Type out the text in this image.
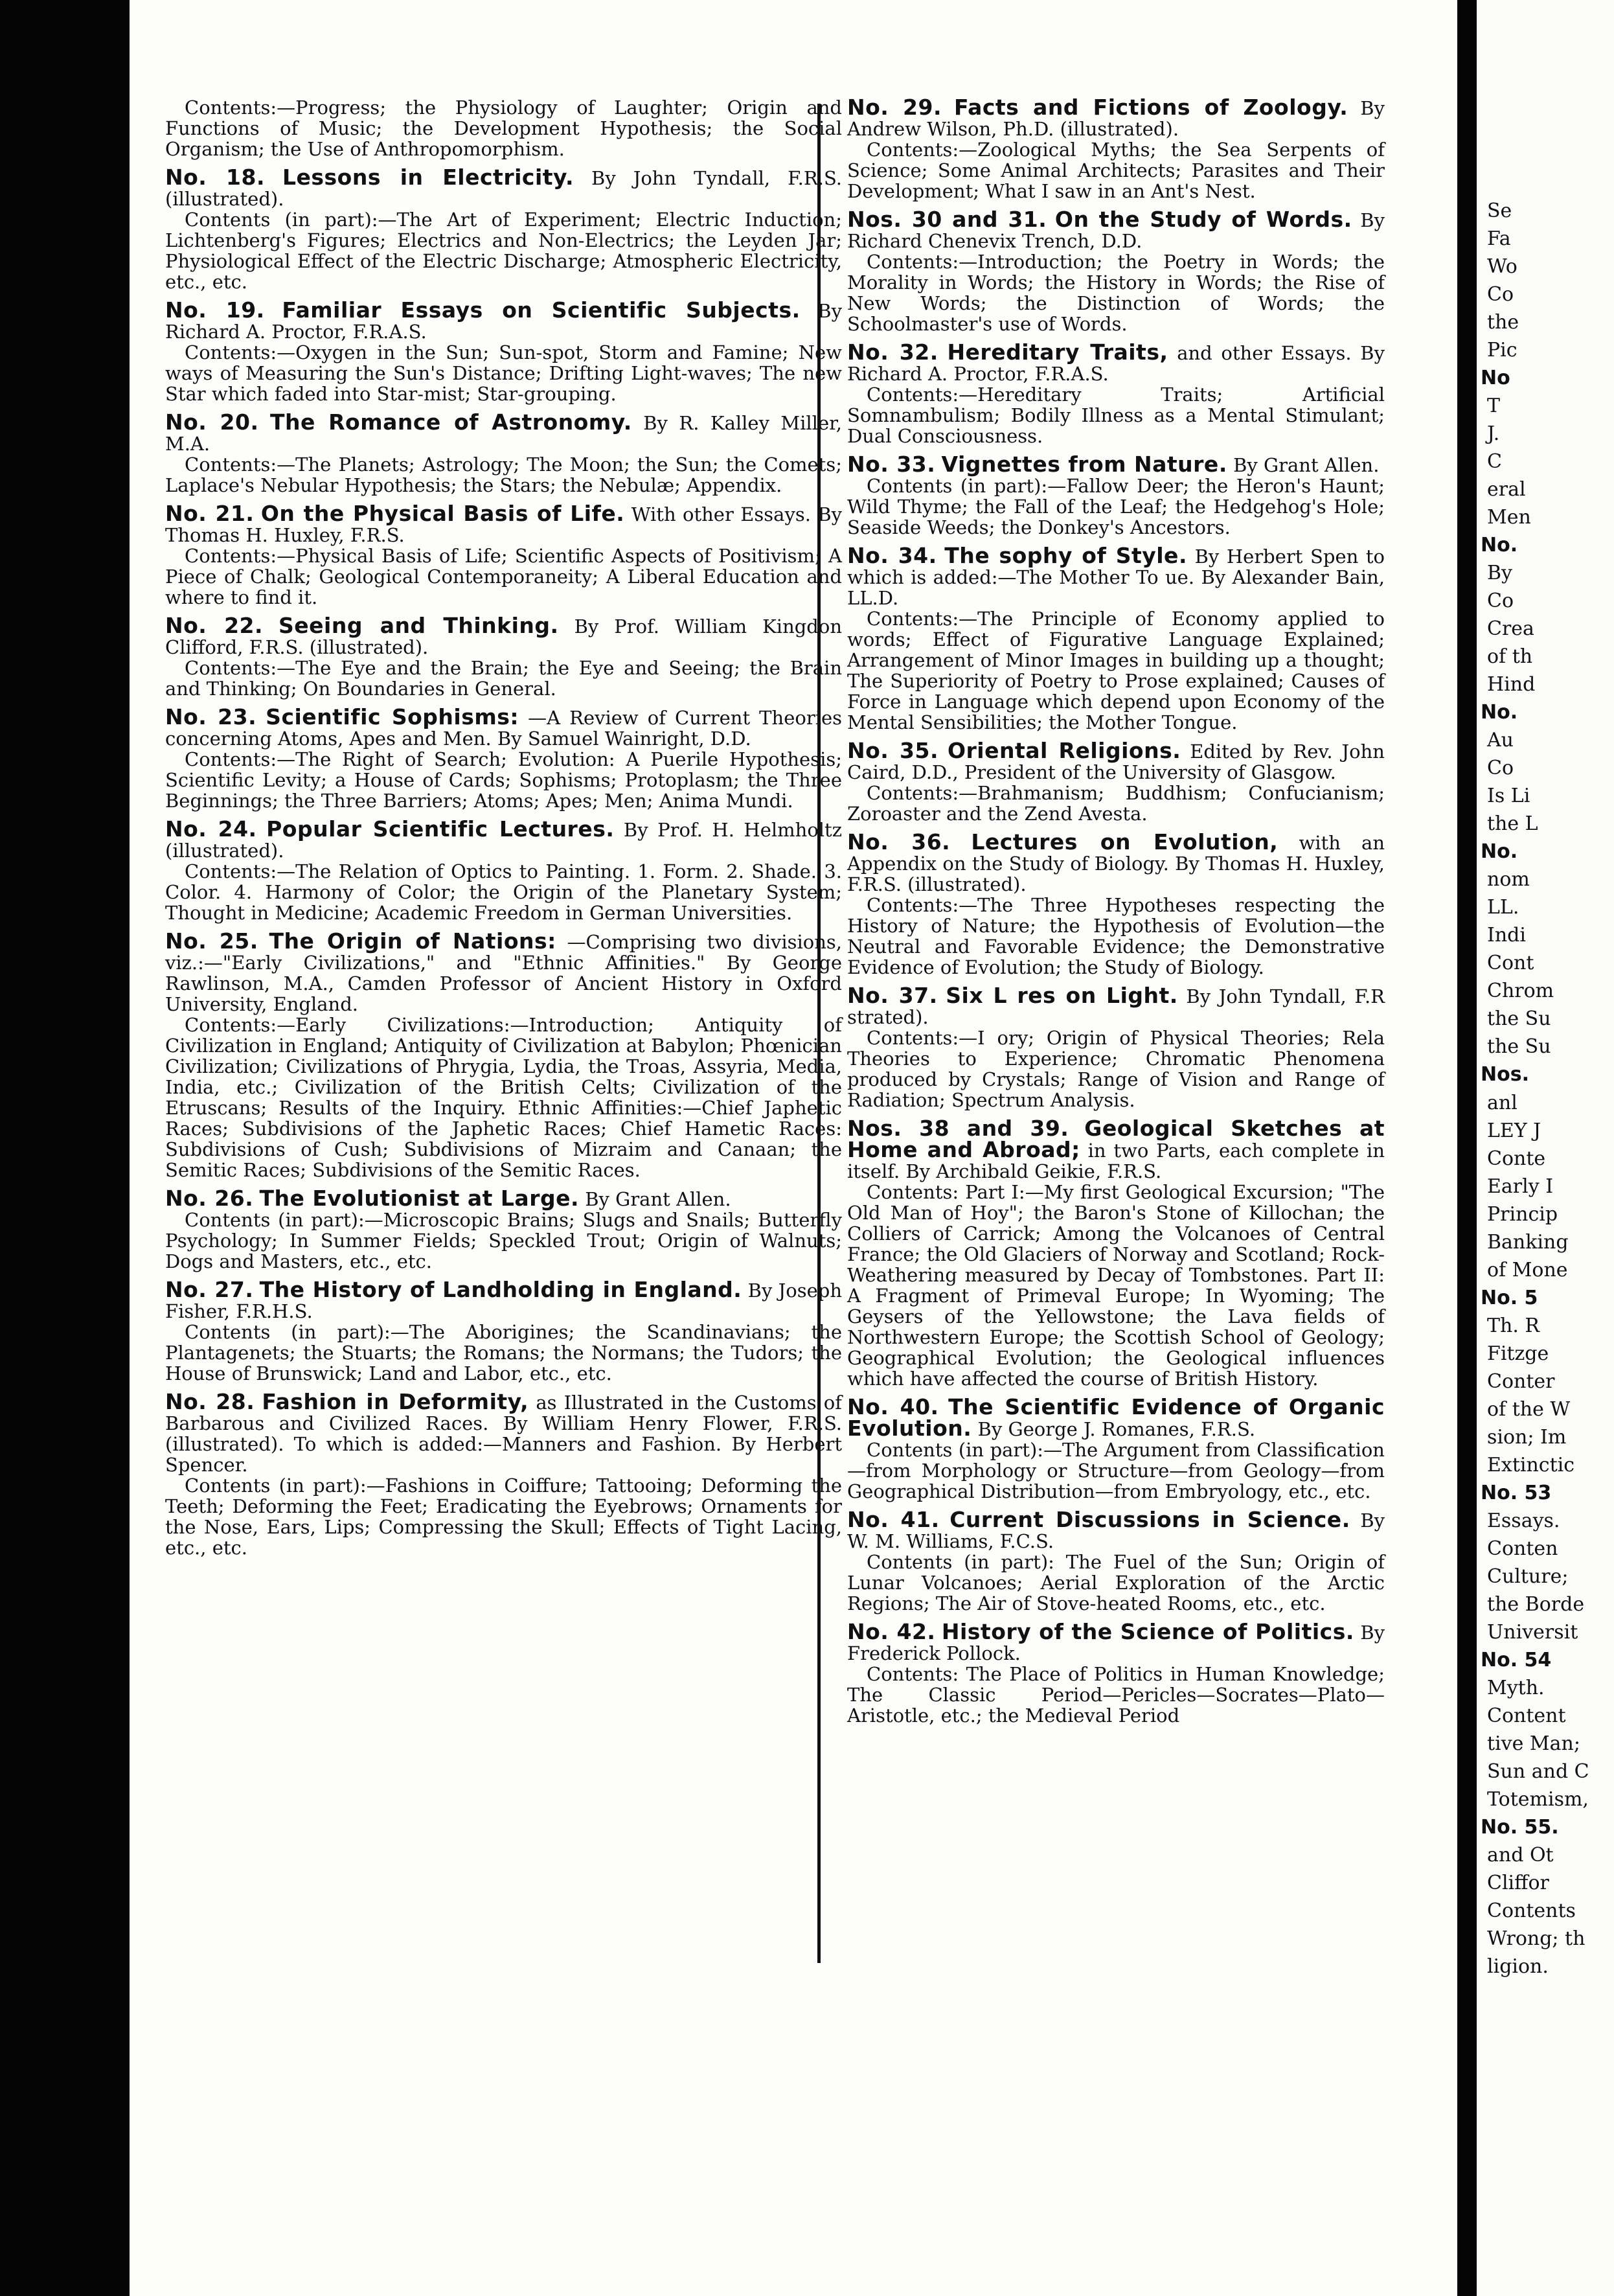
Contents:—Progress; the Physiology of Laughter; Origin and Functions of Music; the Development Hypothesis; the Social Organism; the Use of Anthropomorphism.

No. 18. Lessons in Electricity. By John Tyndall, F.R.S. (illustrated).

Contents (in part):—The Art of Experiment; Electric Induction; Lichtenberg's Figures; Electrics and Non-Electrics; the Leyden Jar; Physiological Effect of the Electric Discharge; Atmospheric Electricity, etc., etc.

No. 19. Familiar Essays on Scientific Subjects. By Richard A. Proctor, F.R.A.S.

Contents:—Oxygen in the Sun; Sun-spot, Storm and Famine; New ways of Measuring the Sun's Distance; Drifting Light-waves; The new Star which faded into Star-mist; Star-grouping.

No. 20. The Romance of Astronomy. By R. Kalley Miller, M.A.

Contents:—The Planets; Astrology; The Moon; the Sun; the Comets; Laplace's Nebular Hypothesis; the Stars; the Nebulæ; Appendix.

No. 21. On the Physical Basis of Life. With other Essays. By Thomas H. Huxley, F.R.S.

Contents:—Physical Basis of Life; Scientific Aspects of Positivism; A Piece of Chalk; Geological Contemporaneity; A Liberal Education and where to find it.

No. 22. Seeing and Thinking. By Prof. William Kingdon Clifford, F.R.S. (illustrated).

Contents:—The Eye and the Brain; the Eye and Seeing; the Brain and Thinking; On Boundaries in General.

No. 23. Scientific Sophisms: —A Review of Current Theories concerning Atoms, Apes and Men. By Samuel Wainright, D.D.

Contents:—The Right of Search; Evolution: A Puerile Hypothesis; Scientific Levity; a House of Cards; Sophisms; Protoplasm; the Three Beginnings; the Three Barriers; Atoms; Apes; Men; Anima Mundi.

No. 24. Popular Scientific Lectures. By Prof. H. Helmholtz (illustrated).

Contents:—The Relation of Optics to Painting. 1. Form. 2. Shade. 3. Color. 4. Harmony of Color; the Origin of the Planetary System; Thought in Medicine; Academic Freedom in German Universities.

No. 25. The Origin of Nations: —Comprising two divisions, viz.:—"Early Civilizations," and "Ethnic Affinities." By George Rawlinson, M.A., Camden Professor of Ancient History in Oxford University, England.

Contents:—Early Civilizations:—Introduction; Antiquity of Civilization in England; Antiquity of Civilization at Babylon; Phœnician Civilization; Civilizations of Phrygia, Lydia, the Troas, Assyria, Media, India, etc.; Civilization of the British Celts; Civilization of the Etruscans; Results of the Inquiry. Ethnic Affinities:—Chief Japhetic Races; Subdivisions of the Japhetic Races; Chief Hametic Races: Subdivisions of Cush; Subdivisions of Mizraim and Canaan; the Semitic Races; Subdivisions of the Semitic Races.

No. 26. The Evolutionist at Large. By Grant Allen.

Contents (in part):—Microscopic Brains; Slugs and Snails; Butterfly Psychology; In Summer Fields; Speckled Trout; Origin of Walnuts; Dogs and Masters, etc., etc.

No. 27. The History of Landholding in England. By Joseph Fisher, F.R.H.S.

Contents (in part):—The Aborigines; the Scandinavians; the Plantagenets; the Stuarts; the Romans; the Normans; the Tudors; the House of Brunswick; Land and Labor, etc., etc.

No. 28. Fashion in Deformity, as Illustrated in the Customs of Barbarous and Civilized Races. By William Henry Flower, F.R.S. (illustrated). To which is added:—Manners and Fashion. By Herbert Spencer.

Contents (in part):—Fashions in Coiffure; Tattooing; Deforming the Teeth; Deforming the Feet; Eradicating the Eyebrows; Ornaments for the Nose, Ears, Lips; Compressing the Skull; Effects of Tight Lacing, etc., etc.

No. 29. Facts and Fictions of Zoology. By Andrew Wilson, Ph.D. (illustrated).

Contents:—Zoological Myths; the Sea Serpents of Science; Some Animal Architects; Parasites and Their Development; What I saw in an Ant's Nest.

Nos. 30 and 31. On the Study of Words. By Richard Chenevix Trench, D.D.

Contents:—Introduction; the Poetry in Words; the Morality in Words; the History in Words; the Rise of New Words; the Distinction of Words; the Schoolmaster's use of Words.

No. 32. Hereditary Traits, and other Essays. By Richard A. Proctor, F.R.A.S.

Contents:—Hereditary Traits; Artificial Somnambulism; Bodily Illness as a Mental Stimulant; Dual Consciousness.

No. 33. Vignettes from Nature. By Grant Allen.

Contents (in part):—Fallow Deer; the Heron's Haunt; Wild Thyme; the Fall of the Leaf; the Hedgehog's Hole; Seaside Weeds; the Donkey's Ancestors.

No. 34. The sophy of Style. By Herbert Spen to which is added:—The Mother To ue. By Alexander Bain, LL.D.

Contents:—The Principle of Economy applied to words; Effect of Figurative Language Explained; Arrangement of Minor Images in building up a thought; The Superiority of Poetry to Prose explained; Causes of Force in Language which depend upon Economy of the Mental Sensibilities; the Mother Tongue.

No. 35. Oriental Religions. Edited by Rev. John Caird, D.D., President of the University of Glasgow.

Contents:—Brahmanism; Buddhism; Confucianism; Zoroaster and the Zend Avesta.

No. 36. Lectures on Evolution, with an Appendix on the Study of Biology. By Thomas H. Huxley, F.R.S. (illustrated).

Contents:—The Three Hypotheses respecting the History of Nature; the Hypothesis of Evolution—the Neutral and Favorable Evidence; the Demonstrative Evidence of Evolution; the Study of Biology.

No. 37. Six L res on Light. By John Tyndall, F.R strated).

Contents:—I ory; Origin of Physical Theories; Rela Theories to Experience; Chromatic Phenomena produced by Crystals; Range of Vision and Range of Radiation; Spectrum Analysis.

Nos. 38 and 39. Geological Sketches at Home and Abroad; in two Parts, each complete in itself. By Archibald Geikie, F.R.S.

Contents: Part I:—My first Geological Excursion; "The Old Man of Hoy"; the Baron's Stone of Killochan; the Colliers of Carrick; Among the Volcanoes of Central France; the Old Glaciers of Norway and Scotland; Rock-Weathering measured by Decay of Tombstones. Part II: A Fragment of Primeval Europe; In Wyoming; The Geysers of the Yellowstone; the Lava fields of Northwestern Europe; the Scottish School of Geology; Geographical Evolution; the Geological influences which have affected the course of British History.

No. 40. The Scientific Evidence of Organic Evolution. By George J. Romanes, F.R.S.

Contents (in part):—The Argument from Classification—from Morphology or Structure—from Geology—from Geographical Distribution—from Embryology, etc., etc.

No. 41. Current Discussions in Science. By W. M. Williams, F.C.S.

Contents (in part): The Fuel of the Sun; Origin of Lunar Volcanoes; Aerial Exploration of the Arctic Regions; The Air of Stove-heated Rooms, etc., etc.

No. 42. History of the Science of Politics. By Frederick Pollock.

Contents: The Place of Politics in Human Knowledge; The Classic Period—Pericles—Socrates—Plato—Aristotle, etc.; the Medieval Period

Se
Fa
Wo
Co
the
Pic
No
T
J.
C
eral
Men
No.
By
Co
Crea
of th
Hind
No.
Au
Co
Is Li
the L
No.
nom
LL.
Indi
Cont
Chrom
the Su
the Su
Nos.
anl
LEY J
Conte
Early I
Princip
Banking
of Mone
No. 5
Th. R
Fitzge
Conter
of the W
sion; Im
Extinctic
No. 53
Essays.
Conten
Culture;
the Borde
Universit
No. 54
Myth.
Content
tive Man;
Sun and C
Totemism,
No. 55.
and Ot
Cliffor
Contents
Wrong; th
ligion.
